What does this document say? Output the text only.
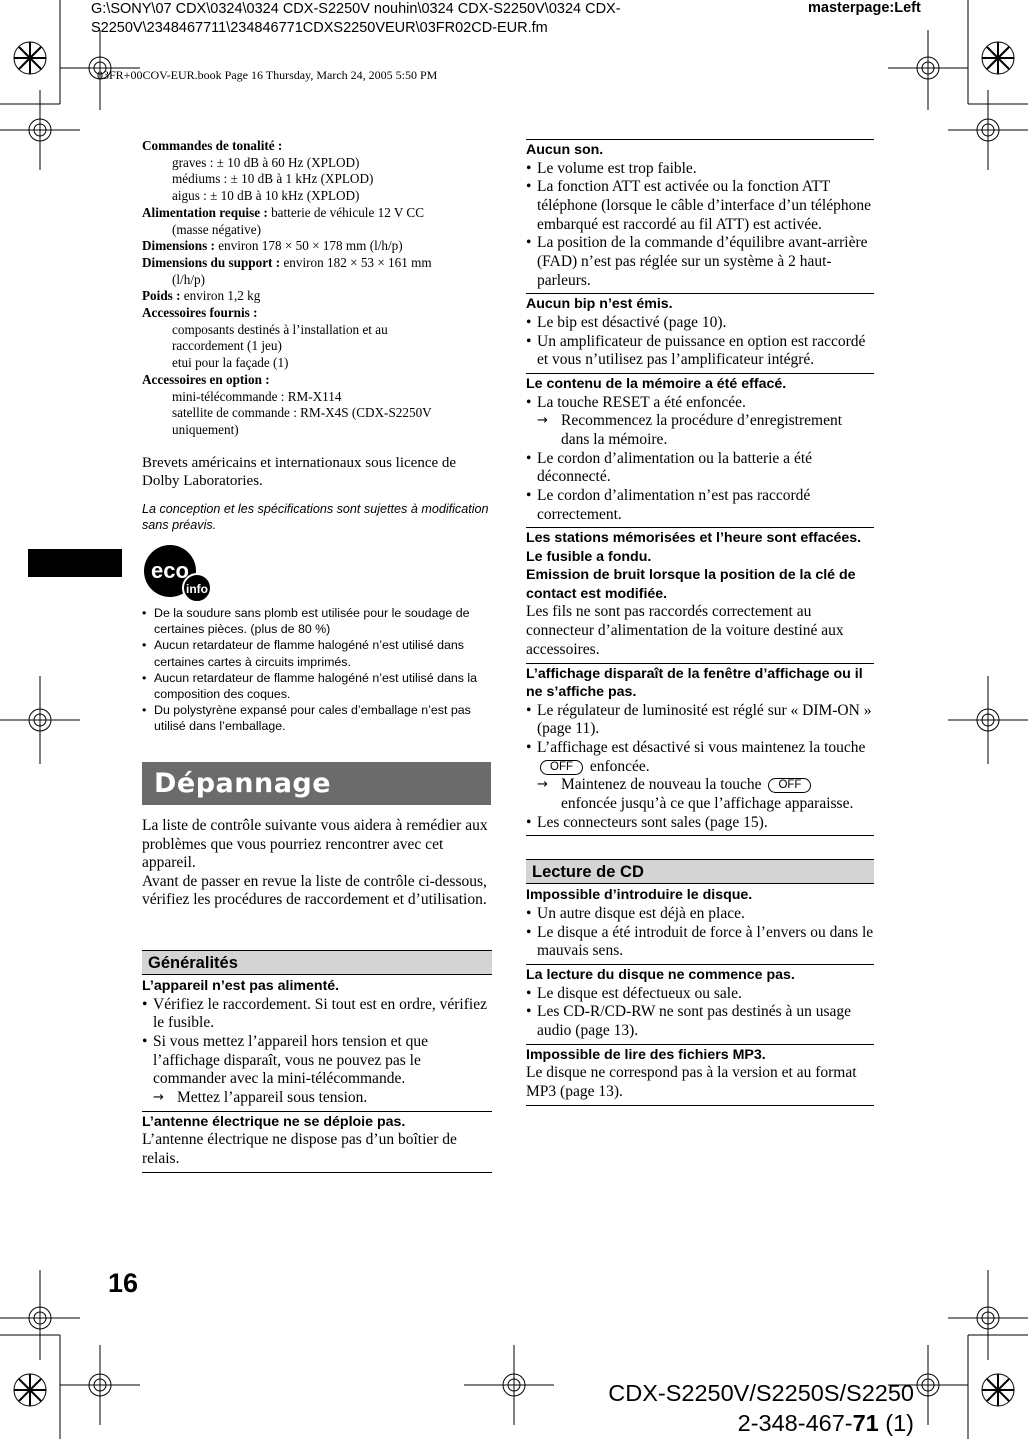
G:\SONY\07 CDX\0324\0324 CDX-S2250V nouhin\0324 CDX-S2250V\0324 CDX-S2250V\2348467711\234846771CDXS2250VEUR\03FR02CD-EUR.fm
masterpage:Left
03FR+00COV-EUR.book Page 16 Thursday, March 24, 2005 5:50 PM
Commandes de tonalité :
graves : ± 10 dB à 60 Hz (XPLOD)
médiums : ± 10 dB à 1 kHz (XPLOD)
aigus : ± 10 dB à 10 kHz (XPLOD)
Alimentation requise : batterie de véhicule 12 V CC
(masse négative)
Dimensions : environ 178 × 50 × 178 mm (l/h/p)
Dimensions du support : environ 182 × 53 × 161 mm
(l/h/p)
Poids : environ 1,2 kg
Accessoires fournis :
composants destinés à l’installation et au
raccordement (1 jeu)
etui pour la façade (1)
Accessoires en option :
mini-télécommande : RM-X114
satellite de commande : RM-X4S (CDX-S2250V
uniquement)
Brevets américains et internationaux sous licence de Dolby Laboratories.
La conception et les spécifications sont sujettes à modification sans préavis.
eco
info
• De la soudure sans plomb est utilisée pour le soudage de certaines pièces. (plus de 80 %)
• Aucun retardateur de flamme halogéné n’est utilisé dans certaines cartes à circuits imprimés.
• Aucun retardateur de flamme halogéné n’est utilisé dans la composition des coques.
• Du polystyrène expansé pour cales d’emballage n’est pas utilisé dans l’emballage.
Dépannage
La liste de contrôle suivante vous aidera à remédier aux problèmes que vous pourriez rencontrer avec cet appareil.
Avant de passer en revue la liste de contrôle ci-dessous, vérifiez les procédures de raccordement et d’utilisation.
Généralités
L’appareil n’est pas alimenté.
• Vérifiez le raccordement. Si tout est en ordre, vérifiez le fusible.
• Si vous mettez l’appareil hors tension et que l’affichage disparaît, vous ne pouvez pas le commander avec la mini-télécommande.
→ Mettez l’appareil sous tension.
L’antenne électrique ne se déploie pas.
L’antenne électrique ne dispose pas d’un boîtier de relais.
Aucun son.
• Le volume est trop faible.
• La fonction ATT est activée ou la fonction ATT téléphone (lorsque le câble d’interface d’un téléphone embarqué est raccordé au fil ATT) est activée.
• La position de la commande d’équilibre avant-arrière (FAD) n’est pas réglée sur un système à 2 haut-parleurs.
Aucun bip n’est émis.
• Le bip est désactivé (page 10).
• Un amplificateur de puissance en option est raccordé et vous n’utilisez pas l’amplificateur intégré.
Le contenu de la mémoire a été effacé.
• La touche RESET a été enfoncée.
→ Recommencez la procédure d’enregistrement dans la mémoire.
• Le cordon d’alimentation ou la batterie a été déconnecté.
• Le cordon d’alimentation n’est pas raccordé correctement.
Les stations mémorisées et l’heure sont effacées.
Le fusible a fondu.
Emission de bruit lorsque la position de la clé de contact est modifiée.
Les fils ne sont pas raccordés correctement au connecteur d’alimentation de la voiture destiné aux accessoires.
L’affichage disparaît de la fenêtre d’affichage ou il ne s’affiche pas.
• Le régulateur de luminosité est réglé sur « DIM-ON » (page 11).
• L’affichage est désactivé si vous maintenez la touche OFF enfoncée.
→ Maintenez de nouveau la touche OFF enfoncée jusqu’à ce que l’affichage apparaisse.
• Les connecteurs sont sales (page 15).
Lecture de CD
Impossible d’introduire le disque.
• Un autre disque est déjà en place.
• Le disque a été introduit de force à l’envers ou dans le mauvais sens.
La lecture du disque ne commence pas.
• Le disque est défectueux ou sale.
• Les CD-R/CD-RW ne sont pas destinés à un usage audio (page 13).
Impossible de lire des fichiers MP3.
Le disque ne correspond pas à la version et au format MP3 (page 13).
16
CDX-S2250V/S2250S/S2250
2-348-467-71 (1)
